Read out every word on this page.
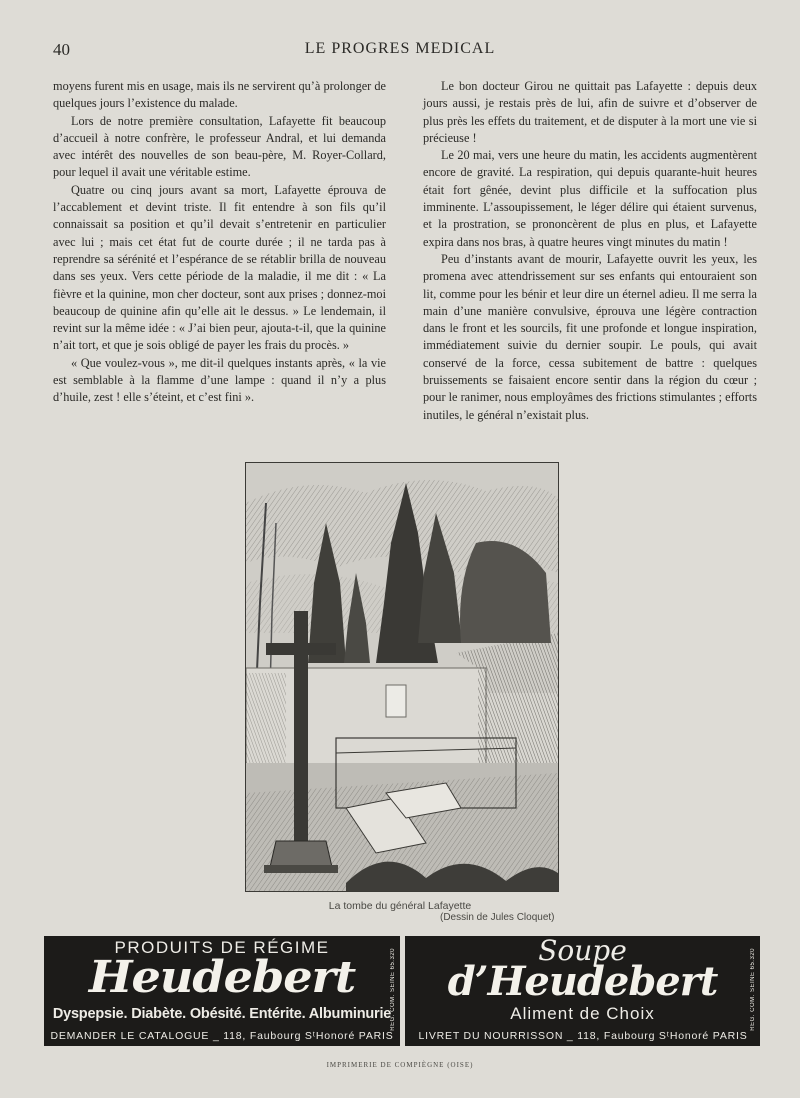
40	LE PROGRES MEDICAL

moyens furent mis en usage, mais ils ne servirent qu’à prolonger de quelques jours l’existence du malade.

Lors de notre première consultation, Lafayette fit beaucoup d’accueil à notre confrère, le professeur Andral, et lui demanda avec intérêt des nouvelles de son beau-père, M. Royer-Collard, pour lequel il avait une véritable estime.

Quatre ou cinq jours avant sa mort, Lafayette éprouva de l’accablement et devint triste. Il fit entendre à son fils qu’il connaissait sa position et qu’il devait s’entretenir en particulier avec lui ; mais cet état fut de courte durée ; il ne tarda pas à reprendre sa sérénité et l’espérance de se rétablir brilla de nouveau dans ses yeux. Vers cette période de la maladie, il me dit : « La fièvre et la quinine, mon cher docteur, sont aux prises ; donnez-moi beaucoup de quinine afin qu’elle ait le dessus. » Le lendemain, il revint sur la même idée : « J’ai bien peur, ajouta-t-il, que la quinine n’ait tort, et que je sois obligé de payer les frais du procès. »

« Que voulez-vous », me dit-il quelques instants après, « la vie est semblable à la flamme d’une lampe : quand il n’y a plus d’huile, zest ! elle s’éteint, et c’est fini ».

Le bon docteur Girou ne quittait pas Lafayette : depuis deux jours aussi, je restais près de lui, afin de suivre et d’observer de plus près les effets du traitement, et de disputer à la mort une vie si précieuse !

Le 20 mai, vers une heure du matin, les accidents augmentèrent encore de gravité. La respiration, qui depuis quarante-huit heures était fort gênée, devint plus difficile et la suffocation plus imminente. L’assoupissement, le léger délire qui étaient survenus, et la prostration, se prononcèrent de plus en plus, et Lafayette expira dans nos bras, à quatre heures vingt minutes du matin !

Peu d’instants avant de mourir, Lafayette ouvrit les yeux, les promena avec attendrissement sur ses enfants qui entouraient son lit, comme pour les bénir et leur dire un éternel adieu. Il me serra la main d’une manière convulsive, éprouva une légère contraction dans le front et les sourcils, fit une profonde et longue inspiration, immédiatement suivie du dernier soupir. Le pouls, qui avait conservé de la force, cessa subitement de battre : quelques bruissements se faisaient encore sentir dans la région du cœur ; pour le ranimer, nous employâmes des frictions stimulantes ; efforts inutiles, le général n’existait plus.

La tombe du général Lafayette
(Dessin de Jules Cloquet)
PRODUITS DE RÉGIME
Heudebert
Dyspepsie. Diabète. Obésité. Entérite. Albuminurie
DEMANDER LE CATALOGUE _ 118, Faubourg SᵗHonoré PARIS
REG. COM. SEINE 65.320	Soupe
d’Heudebert
Aliment de Choix
LIVRET DU NOURRISSON _ 118, Faubourg SᵗHonoré PARIS
REG. COM. SEINE 65.320
IMPRIMERIE DE COMPIÈGNE (OISE)
